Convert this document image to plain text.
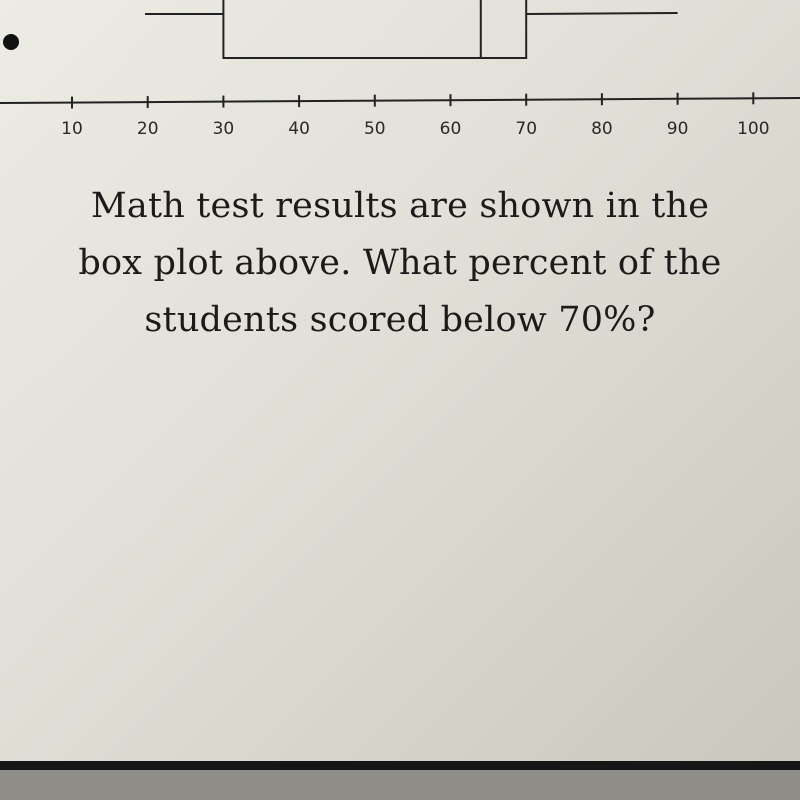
10	20	30	40	50	60	70	80	90	100
Math test results are shown in the
box plot above. What percent of the
students scored below 70%?
